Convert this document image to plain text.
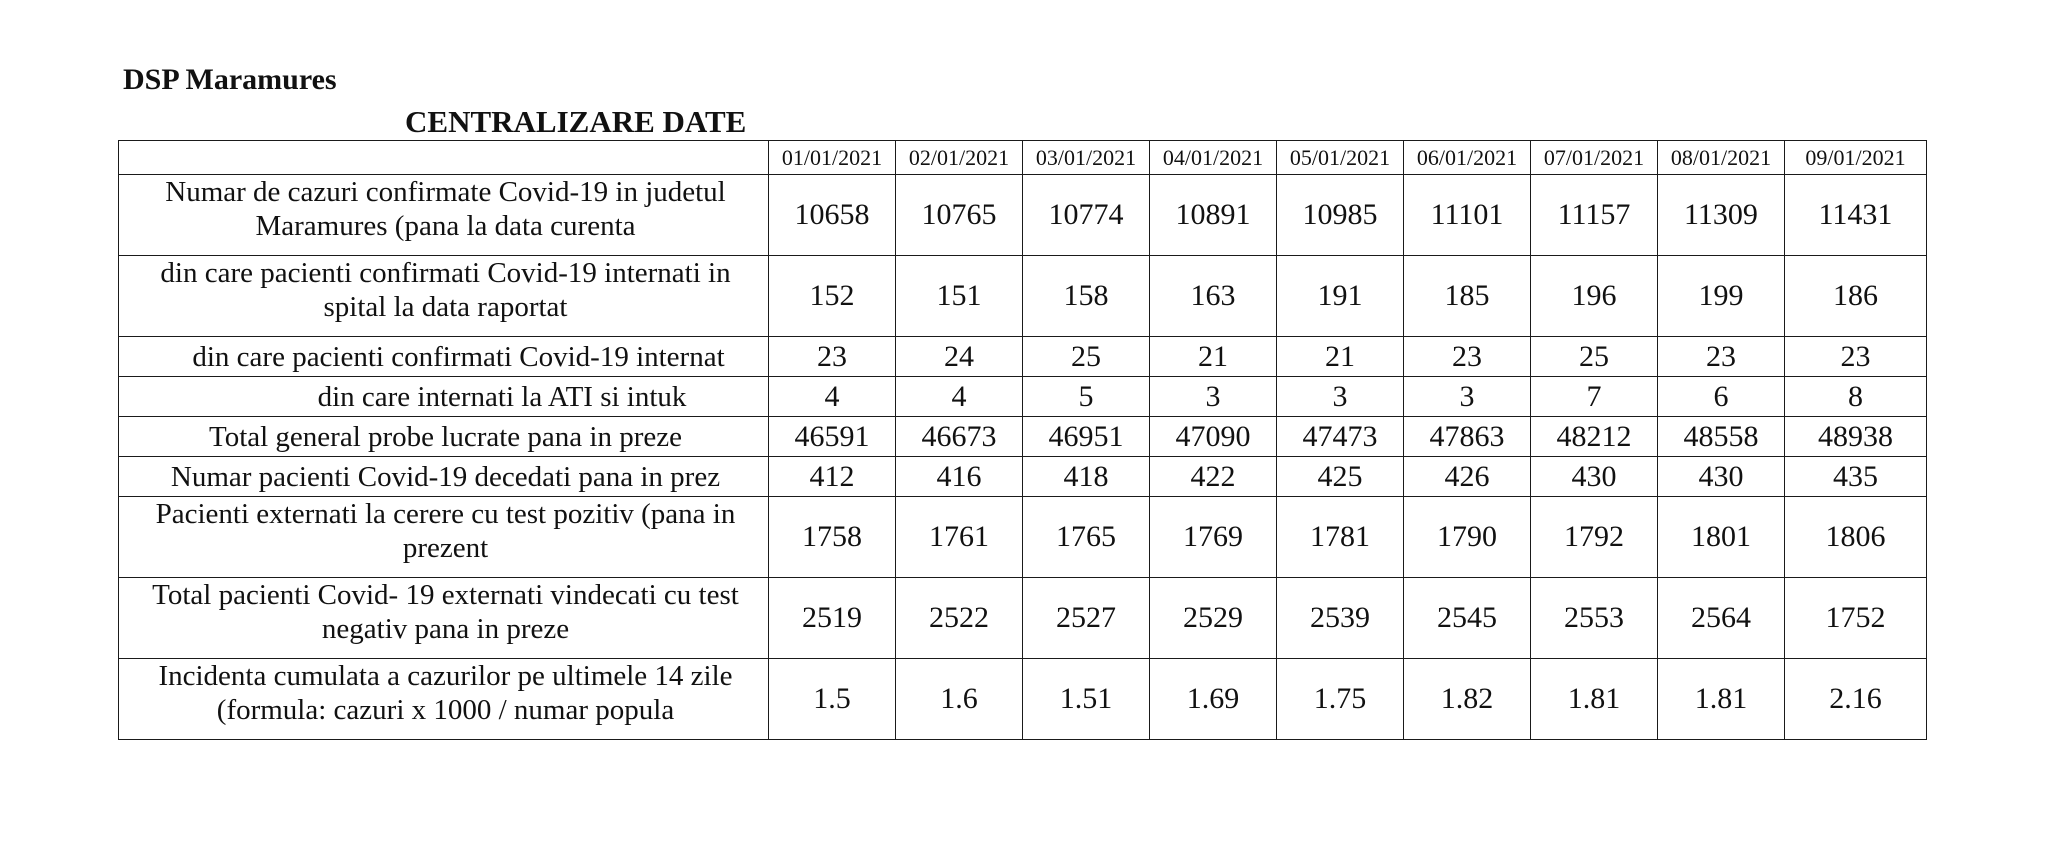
DSP Maramures
CENTRALIZARE DATE
	01/01/2021	02/01/2021	03/01/2021	04/01/2021	05/01/2021	06/01/2021	07/01/2021	08/01/2021	09/01/2021

Numar de cazuri confirmate Covid-19 in judetul
Maramures (pana la data curenta	10658	10765	10774	10891	10985	11101	11157	11309	11431

din care pacienti confirmati Covid-19 internati in
spital la data raportat	152	151	158	163	191	185	196	199	186

din care pacienti confirmati Covid-19 internat	23	24	25	21	21	23	25	23	23

din care internati la ATI si intuk	4	4	5	3	3	3	7	6	8

Total general probe lucrate pana in preze	46591	46673	46951	47090	47473	47863	48212	48558	48938

Numar pacienti Covid-19 decedati pana in prez	412	416	418	422	425	426	430	430	435

Pacienti externati la cerere cu test pozitiv (pana in
prezent	1758	1761	1765	1769	1781	1790	1792	1801	1806

Total pacienti Covid- 19 externati vindecati cu test
negativ pana in preze	2519	2522	2527	2529	2539	2545	2553	2564	1752

Incidenta cumulata a cazurilor pe ultimele 14 zile
(formula: cazuri x 1000 / numar popula	1.5	1.6	1.51	1.69	1.75	1.82	1.81	1.81	2.16
